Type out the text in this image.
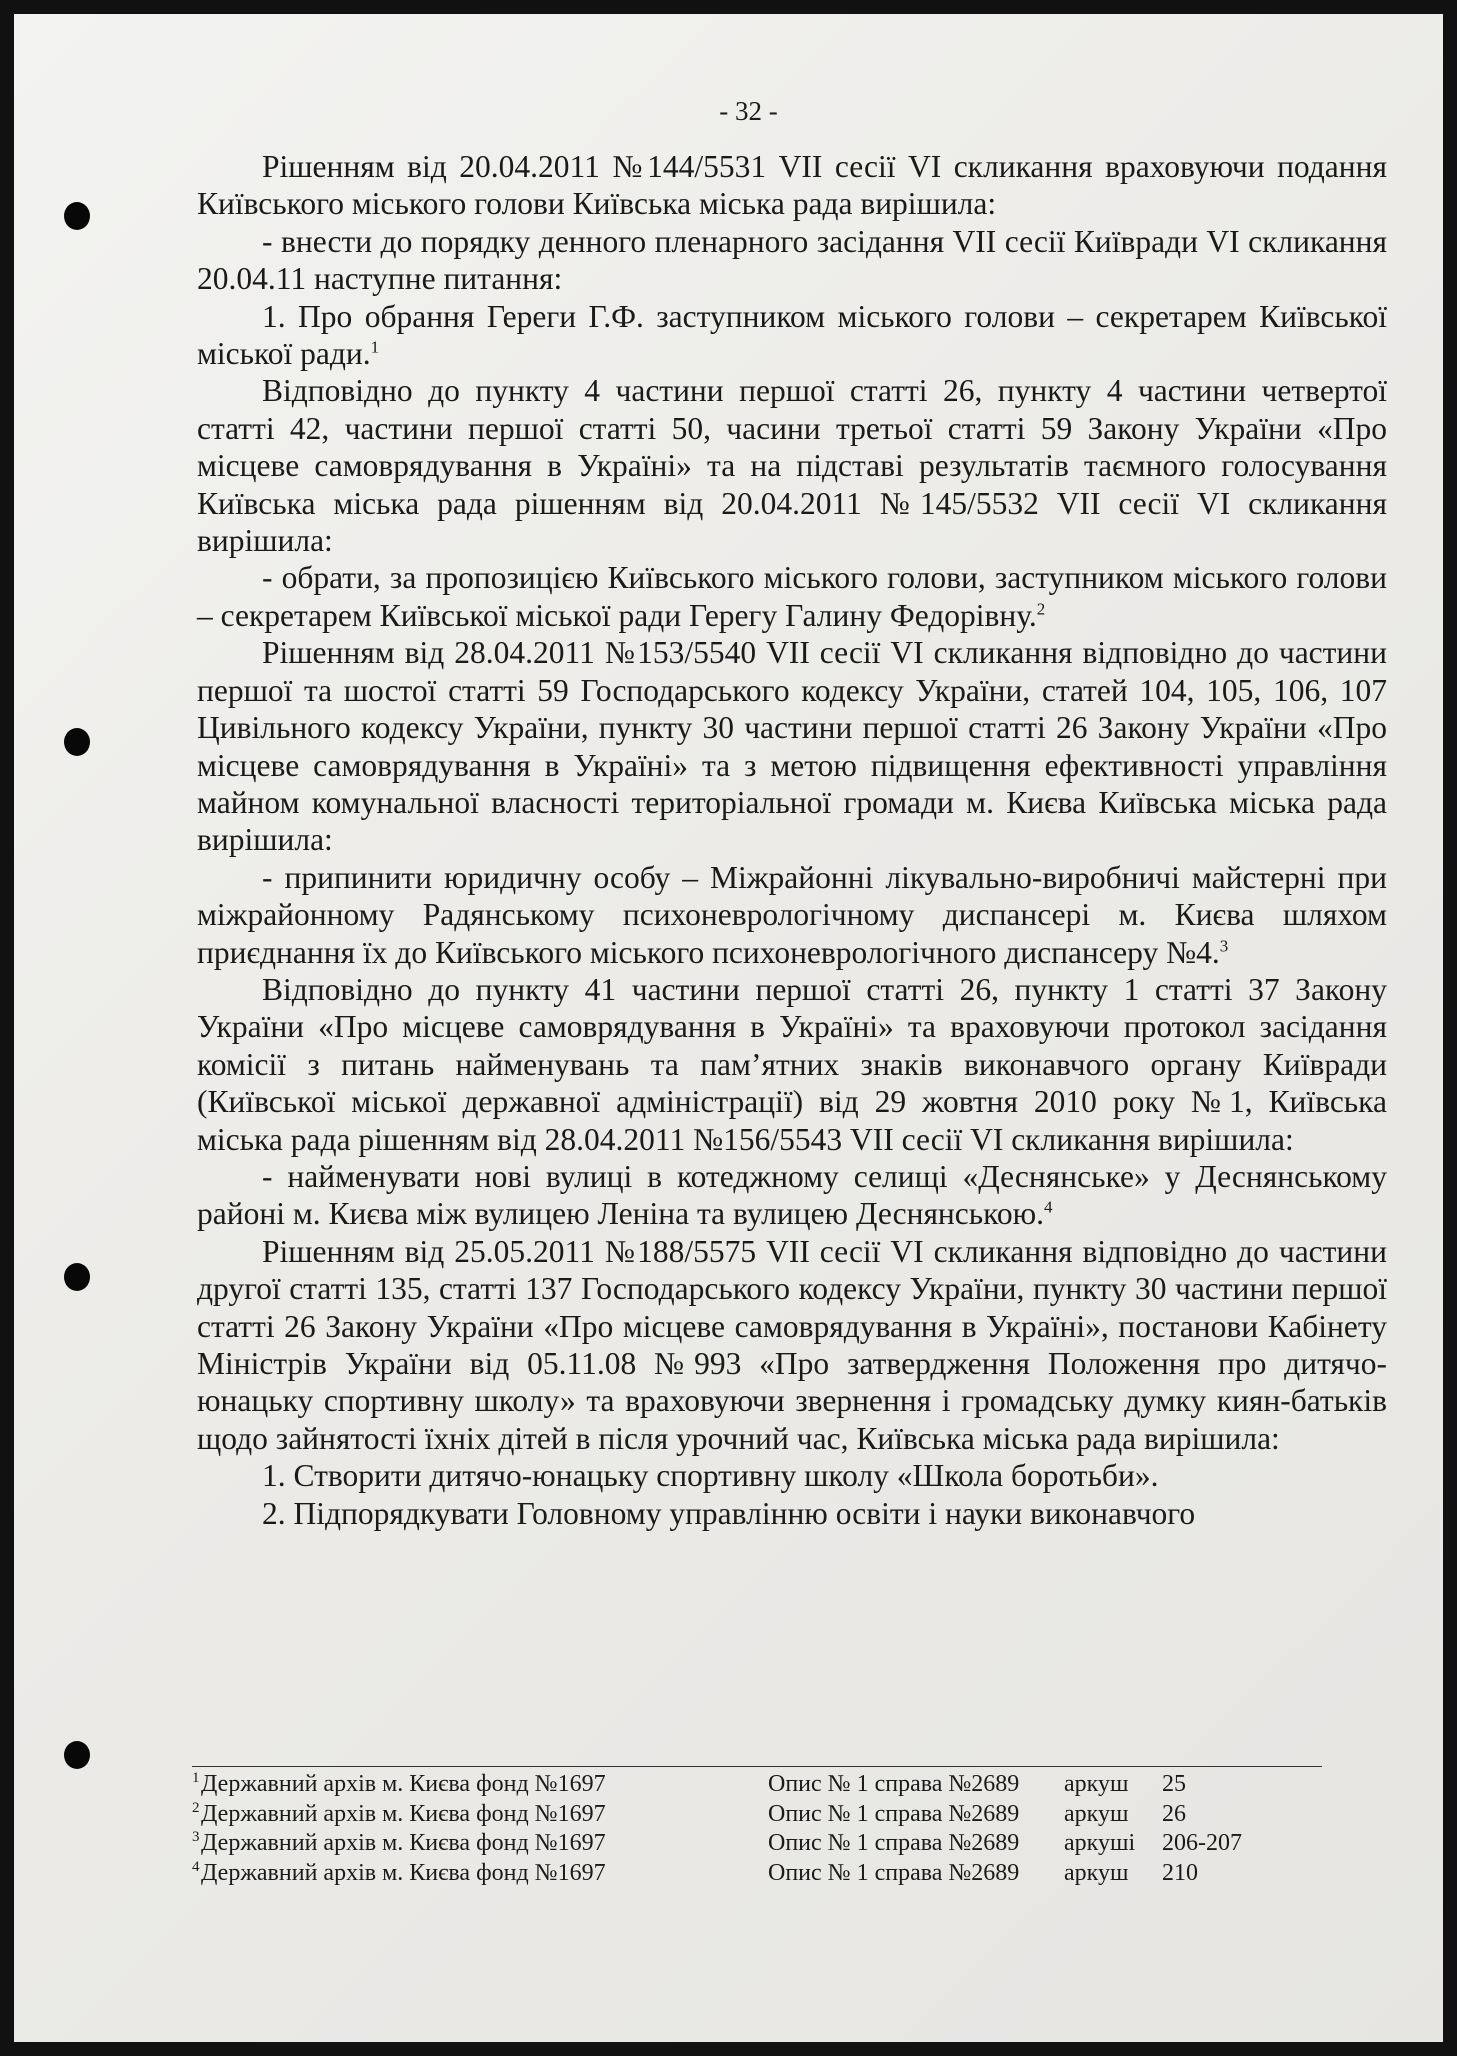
- 32 -

Рішенням від 20.04.2011 №144/5531 VII сесії VI скликання враховуючи подання Київського міського голови Київська міська рада вирішила:

- внести до порядку денного пленарного засідання VII сесії Київради VI скликання 20.04.11 наступне питання:

1. Про обрання Гереги Г.Ф. заступником міського голови – секретарем Київської міської ради.$^1$

Відповідно до пункту 4 частини першої статті 26, пункту 4 частини четвертої статті 42, частини першої статті 50, часини третьої статті 59 Закону України «Про місцеве самоврядування в Україні» та на підставі результатів таємного голосування Київська міська рада рішенням від 20.04.2011 №145/5532 VII сесії VI скликання вирішила:

- обрати, за пропозицією Київського міського голови, заступником міського голови – секретарем Київської міської ради Герегу Галину Федорівну.$^2$

Рішенням від 28.04.2011 №153/5540 VII сесії VI скликання відповідно до частини першої та шостої статті 59 Господарського кодексу України, статей 104, 105, 106, 107 Цивільного кодексу України, пункту 30 частини першої статті 26 Закону України «Про місцеве самоврядування в Україні» та з метою підвищення ефективності управління майном комунальної власності територіальної громади м. Києва Київська міська рада вирішила:

- припинити юридичну особу – Міжрайонні лікувально-виробничі майстерні при міжрайонному Радянському психоневрологічному диспансері м. Києва шляхом приєднання їх до Київського міського психоневрологічного диспансеру №4.$^3$

Відповідно до пункту 41 частини першої статті 26, пункту 1 статті 37 Закону України «Про місцеве самоврядування в Україні» та враховуючи протокол засідання комісії з питань найменувань та пам’ятних знаків виконавчого органу Київради (Київської міської державної адміністрації) від 29 жовтня 2010 року №1, Київська міська рада рішенням від 28.04.2011 №156/5543 VII сесії VI скликання вирішила:

- найменувати нові вулиці в котеджному селищі «Деснянське» у Деснянському районі м. Києва між вулицею Леніна та вулицею Деснянською.$^4$

Рішенням від 25.05.2011 №188/5575 VII сесії VI скликання відповідно до частини другої статті 135, статті 137 Господарського кодексу України, пункту 30 частини першої статті 26 Закону України «Про місцеве самоврядування в Україні», постанови Кабінету Міністрів України від 05.11.08 №993 «Про затвердження Положення про дитячо-юнацьку спортивну школу» та враховуючи звернення і громадську думку киян-батьків щодо зайнятості їхніх дітей в після урочний час, Київська міська рада вирішила:

1. Створити дитячо-юнацьку спортивну школу «Школа боротьби».

2. Підпорядкувати Головному управлінню освіти і науки виконавчого

1 Державний архів м. Києва фонд №1697	Опис № 1 справа №2689 аркуш 25
2 Державний архів м. Києва фонд №1697	Опис № 1 справа №2689 аркуш 26
3 Державний архів м. Києва фонд №1697	Опис № 1 справа №2689 аркуші 206-207
4 Державний архів м. Києва фонд №1697	Опис № 1 справа №2689 аркуш 210
